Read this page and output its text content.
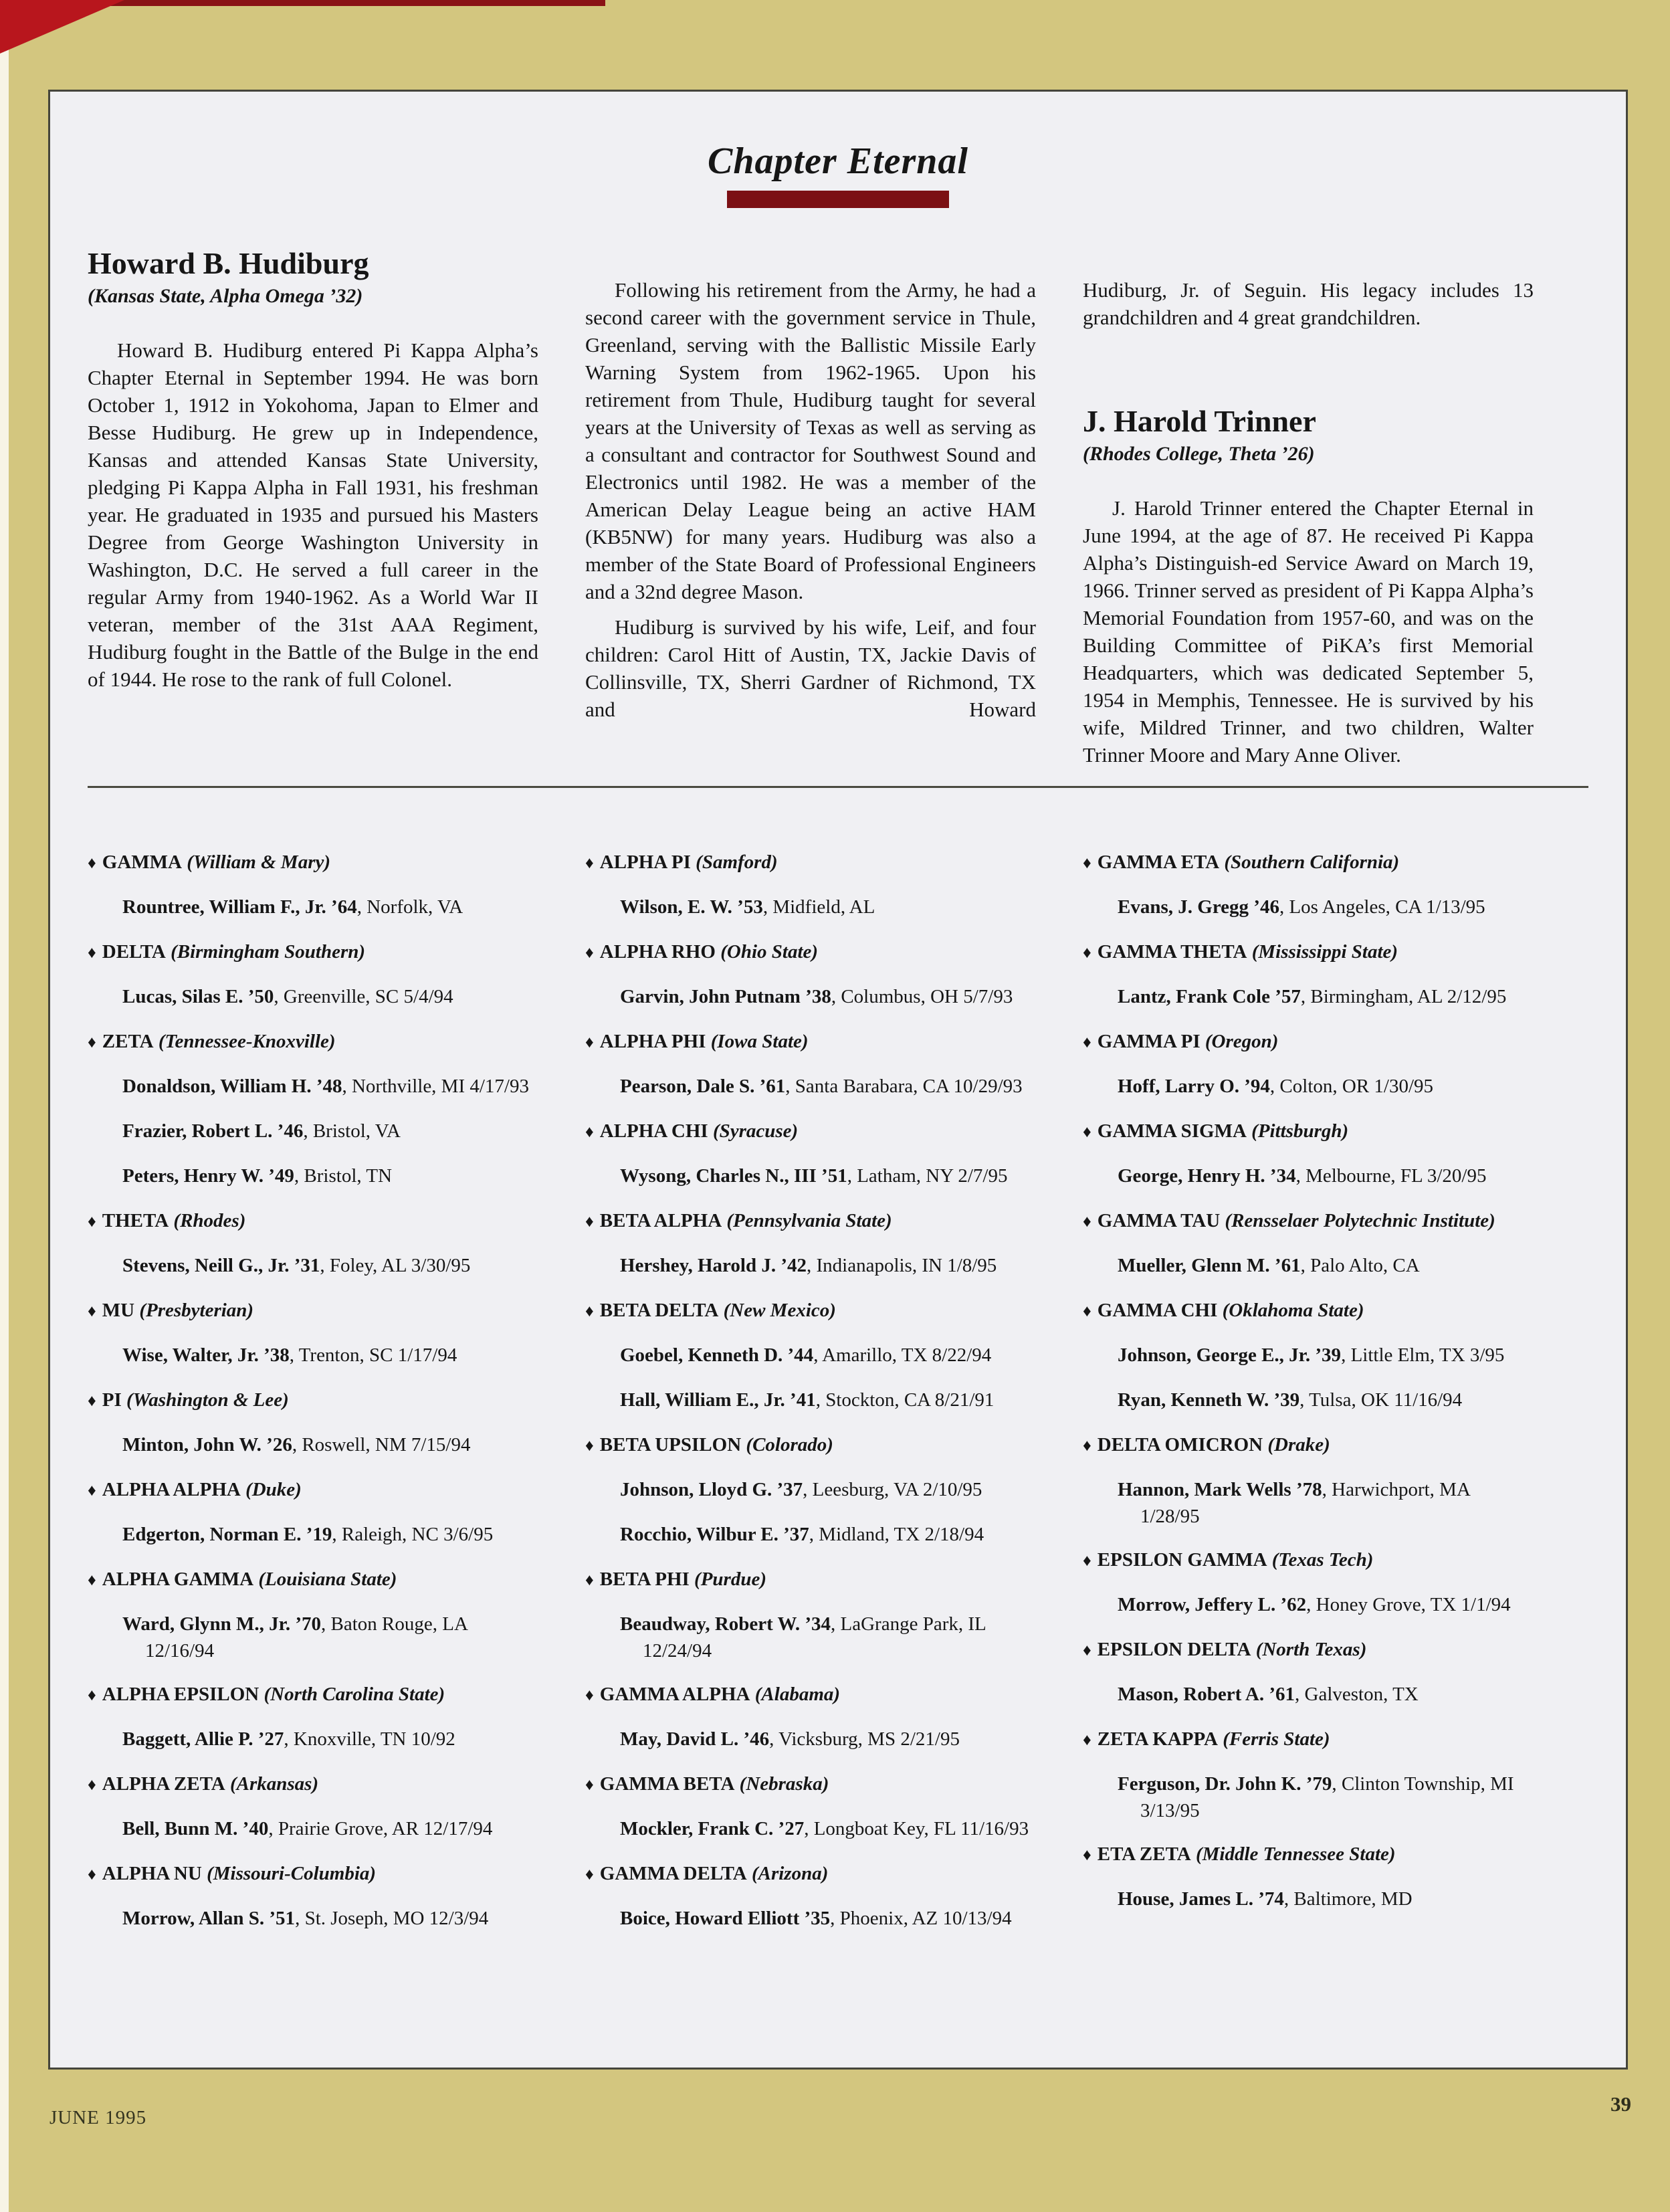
Chapter Eternal
Howard B. Hudiburg
(Kansas State, Alpha Omega ’32)

Howard B. Hudiburg entered Pi Kappa Alpha’s Chapter Eternal in September 1994. He was born October 1, 1912 in Yokohoma, Japan to Elmer and Besse Hudiburg. He grew up in Independence, Kansas and attended Kansas State University, pledging Pi Kappa Alpha in Fall 1931, his freshman year. He graduated in 1935 and pursued his Masters Degree from George Washington University in Washington, D.C. He served a full career in the regular Army from 1940-1962. As a World War II veteran, member of the 31st AAA Regiment, Hudiburg fought in the Battle of the Bulge in the end of 1944. He rose to the rank of full Colonel.

Following his retirement from the Army, he had a second career with the government service in Thule, Greenland, serving with the Ballistic Missile Early Warning System from 1962-1965. Upon his retirement from Thule, Hudiburg taught for several years at the University of Texas as well as serving as a consultant and contractor for Southwest Sound and Electronics until 1982. He was a member of the American Delay League being an active HAM (KB5NW) for many years. Hudiburg was also a member of the State Board of Professional Engineers and a 32nd degree Mason.

Hudiburg is survived by his wife, Leif, and four children: Carol Hitt of Austin, TX, Jackie Davis of Collinsville, TX, Sherri Gardner of Richmond, TX and Howard

Hudiburg, Jr. of Seguin. His legacy includes 13 grandchildren and 4 great grandchildren.

J. Harold Trinner
(Rhodes College, Theta ’26)

J. Harold Trinner entered the Chapter Eternal in June 1994, at the age of 87. He received Pi Kappa Alpha’s Distinguish-ed Service Award on March 19, 1966. Trinner served as president of Pi Kappa Alpha’s Memorial Foundation from 1957-60, and was on the Building Committee of PiKA’s first Memorial Headquarters, which was dedicated September 5, 1954 in Memphis, Tennessee. He is survived by his wife, Mildred Trinner, and two children, Walter Trinner Moore and Mary Anne Oliver.

♦ GAMMA (William & Mary)
Rountree, William F., Jr. ’64, Norfolk, VA
♦ DELTA (Birmingham Southern)
Lucas, Silas E. ’50, Greenville, SC 5/4/94
♦ ZETA (Tennessee-Knoxville)
Donaldson, William H. ’48, Northville, MI 4/17/93
Frazier, Robert L. ’46, Bristol, VA
Peters, Henry W. ’49, Bristol, TN
♦ THETA (Rhodes)
Stevens, Neill G., Jr. ’31, Foley, AL 3/30/95
♦ MU (Presbyterian)
Wise, Walter, Jr. ’38, Trenton, SC 1/17/94
♦ PI (Washington & Lee)
Minton, John W. ’26, Roswell, NM 7/15/94
♦ ALPHA ALPHA (Duke)
Edgerton, Norman E. ’19, Raleigh, NC 3/6/95
♦ ALPHA GAMMA (Louisiana State)
Ward, Glynn M., Jr. ’70, Baton Rouge, LA 12/16/94
♦ ALPHA EPSILON (North Carolina State)
Baggett, Allie P. ’27, Knoxville, TN 10/92
♦ ALPHA ZETA (Arkansas)
Bell, Bunn M. ’40, Prairie Grove, AR 12/17/94
♦ ALPHA NU (Missouri-Columbia)
Morrow, Allan S. ’51, St. Joseph, MO 12/3/94
♦ ALPHA PI (Samford)
Wilson, E. W. ’53, Midfield, AL
♦ ALPHA RHO (Ohio State)
Garvin, John Putnam ’38, Columbus, OH 5/7/93
♦ ALPHA PHI (Iowa State)
Pearson, Dale S. ’61, Santa Barabara, CA 10/29/93
♦ ALPHA CHI (Syracuse)
Wysong, Charles N., III ’51, Latham, NY 2/7/95
♦ BETA ALPHA (Pennsylvania State)
Hershey, Harold J. ’42, Indianapolis, IN 1/8/95
♦ BETA DELTA (New Mexico)
Goebel, Kenneth D. ’44, Amarillo, TX 8/22/94
Hall, William E., Jr. ’41, Stockton, CA 8/21/91
♦ BETA UPSILON (Colorado)
Johnson, Lloyd G. ’37, Leesburg, VA 2/10/95
Rocchio, Wilbur E. ’37, Midland, TX 2/18/94
♦ BETA PHI (Purdue)
Beaudway, Robert W. ’34, LaGrange Park, IL 12/24/94
♦ GAMMA ALPHA (Alabama)
May, David L. ’46, Vicksburg, MS 2/21/95
♦ GAMMA BETA (Nebraska)
Mockler, Frank C. ’27, Longboat Key, FL 11/16/93
♦ GAMMA DELTA (Arizona)
Boice, Howard Elliott ’35, Phoenix, AZ 10/13/94
♦ GAMMA ETA (Southern California)
Evans, J. Gregg ’46, Los Angeles, CA 1/13/95
♦ GAMMA THETA (Mississippi State)
Lantz, Frank Cole ’57, Birmingham, AL 2/12/95
♦ GAMMA PI (Oregon)
Hoff, Larry O. ’94, Colton, OR 1/30/95
♦ GAMMA SIGMA (Pittsburgh)
George, Henry H. ’34, Melbourne, FL 3/20/95
♦ GAMMA TAU (Rensselaer Polytechnic Institute)
Mueller, Glenn M. ’61, Palo Alto, CA
♦ GAMMA CHI (Oklahoma State)
Johnson, George E., Jr. ’39, Little Elm, TX 3/95
Ryan, Kenneth W. ’39, Tulsa, OK 11/16/94
♦ DELTA OMICRON (Drake)
Hannon, Mark Wells ’78, Harwichport, MA 1/28/95
♦ EPSILON GAMMA (Texas Tech)
Morrow, Jeffery L. ’62, Honey Grove, TX 1/1/94
♦ EPSILON DELTA (North Texas)
Mason, Robert A. ’61, Galveston, TX
♦ ZETA KAPPA (Ferris State)
Ferguson, Dr. John K. ’79, Clinton Township, MI 3/13/95
♦ ETA ZETA (Middle Tennessee State)
House, James L. ’74, Baltimore, MD
JUNE 1995
39
